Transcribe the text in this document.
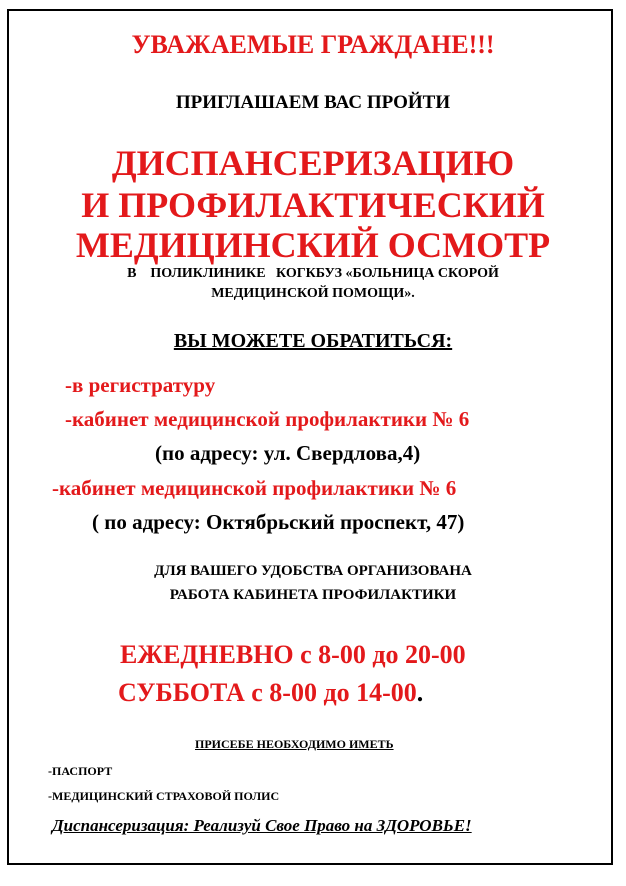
УВАЖАЕМЫЕ ГРАЖДАНЕ!!!

ПРИГЛАШАЕМ ВАС ПРОЙТИ

ДИСПАНСЕРИЗАЦИЮ

И ПРОФИЛАКТИЧЕСКИЙ

МЕДИЦИНСКИЙ ОСМОТР

В    ПОЛИКЛИНИКЕ   КОГКБУЗ «БОЛЬНИЦА СКОРОЙ

МЕДИЦИНСКОЙ ПОМОЩИ».

ВЫ МОЖЕТЕ ОБРАТИТЬСЯ:

-в регистратуру

-кабинет медицинской профилактики № 6

(по адресу: ул. Свердлова,4)

-кабинет медицинской профилактики № 6

( по адресу: Октябрьский проспект, 47)

ДЛЯ ВАШЕГО УДОБСТВА ОРГАНИЗОВАНА

РАБОТА КАБИНЕТА ПРОФИЛАКТИКИ

ЕЖЕДНЕВНО с 8-00 до 20-00

СУББОТА с 8-00 до 14-00.

ПРИСЕБЕ НЕОБХОДИМО ИМЕТЬ

-ПАСПОРТ

-МЕДИЦИНСКИЙ СТРАХОВОЙ ПОЛИС

Диспансеризация: Реализуй Свое Право на ЗДОРОВЬЕ!
